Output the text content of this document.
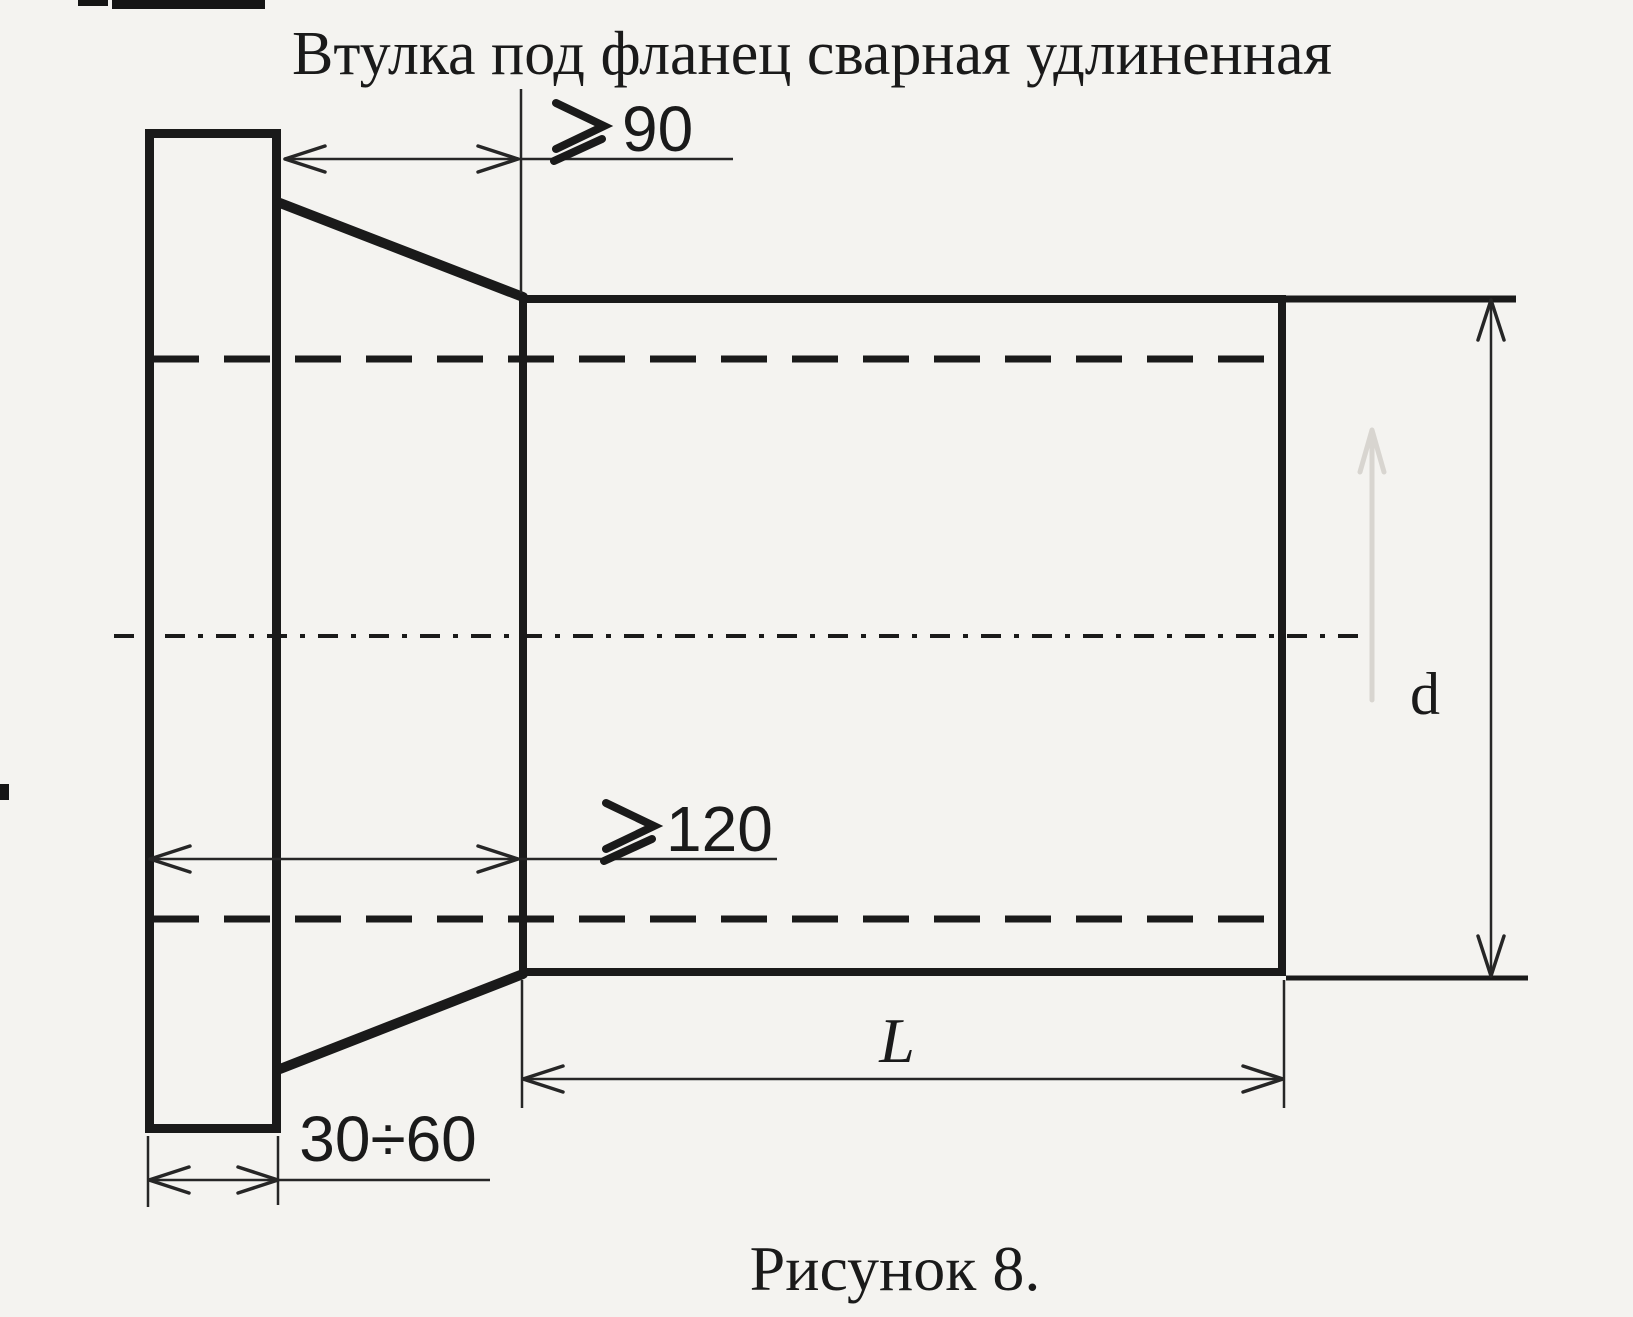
Втулка под фланец сварная удлиненная
90
120
30÷60
L
d
Рисунок 8.
